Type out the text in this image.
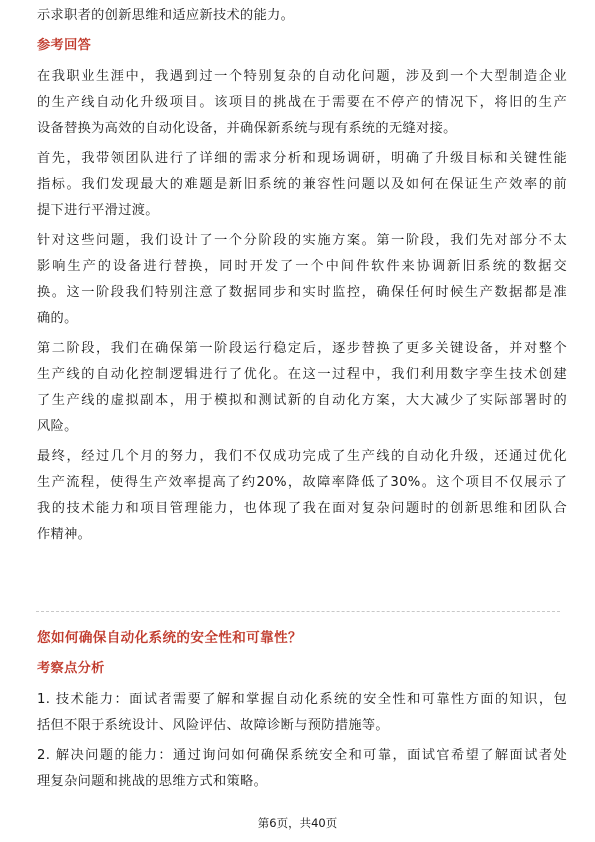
示求职者的创新思维和适应新技术的能力。
参考回答
在我职业生涯中，我遇到过一个特别复杂的自动化问题，涉及到一个大型制造企业
的生产线自动化升级项目。该项目的挑战在于需要在不停产的情况下，将旧的生产
设备替换为高效的自动化设备，并确保新系统与现有系统的无缝对接。
首先，我带领团队进行了详细的需求分析和现场调研，明确了升级目标和关键性能
指标。我们发现最大的难题是新旧系统的兼容性问题以及如何在保证生产效率的前
提下进行平滑过渡。
针对这些问题，我们设计了一个分阶段的实施方案。第一阶段，我们先对部分不太
影响生产的设备进行替换，同时开发了一个中间件软件来协调新旧系统的数据交
换。这一阶段我们特别注意了数据同步和实时监控，确保任何时候生产数据都是准
确的。
第二阶段，我们在确保第一阶段运行稳定后，逐步替换了更多关键设备，并对整个
生产线的自动化控制逻辑进行了优化。在这一过程中，我们利用数字孪生技术创建
了生产线的虚拟副本，用于模拟和测试新的自动化方案，大大减少了实际部署时的
风险。
最终，经过几个月的努力，我们不仅成功完成了生产线的自动化升级，还通过优化
生产流程，使得生产效率提高了约20%，故障率降低了30%。这个项目不仅展示了
我的技术能力和项目管理能力，也体现了我在面对复杂问题时的创新思维和团队合
作精神。
您如何确保自动化系统的安全性和可靠性？
考察点分析
1. 技术能力：面试者需要了解和掌握自动化系统的安全性和可靠性方面的知识，包
括但不限于系统设计、风险评估、故障诊断与预防措施等。
2. 解决问题的能力：通过询问如何确保系统安全和可靠，面试官希望了解面试者处
理复杂问题和挑战的思维方式和策略。
第6页，共40页
